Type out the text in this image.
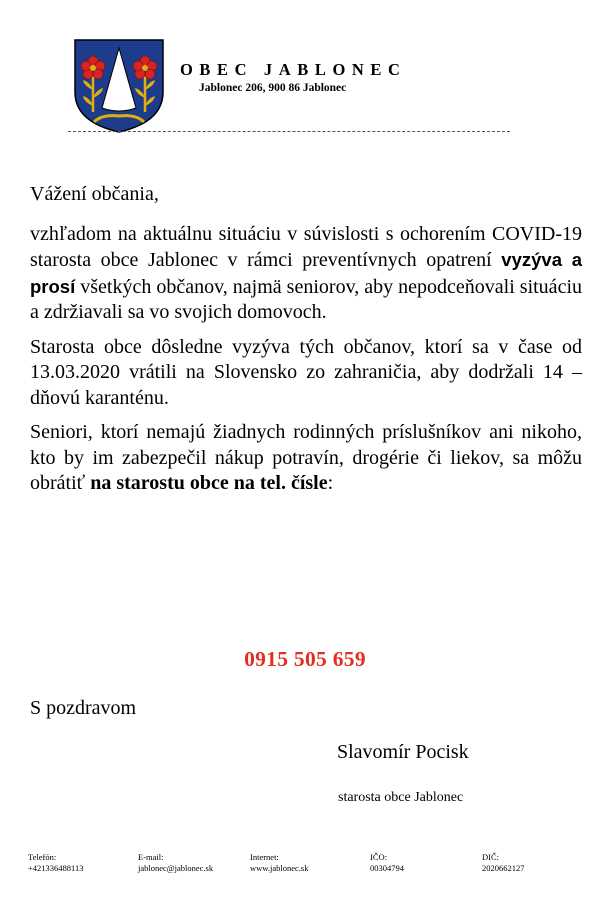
OBEC JABLONEC
Jablonec 206, 900 86 Jablonec

Vážení občania,

vzhľadom na aktuálnu situáciu v súvislosti s ochorením COVID-19 starosta obce Jablonec v rámci preventívnych opatrení vyzýva a prosí všetkých občanov, najmä seniorov, aby nepodceňovali situáciu a zdržiavali sa vo svojich domovoch.

Starosta obce dôsledne vyzýva tých občanov, ktorí sa v čase od 13.03.2020 vrátili na Slovensko zo zahraničia, aby dodržali 14 – dňovú karanténu.

Seniori, ktorí nemajú žiadnych rodinných príslušníkov ani nikoho, kto by im zabezpečil nákup potravín, drogérie či liekov, sa môžu obrátiť na starostu obce na tel. čísle:

0915 505 659
S pozdravom
Slavomír Pocisk
starosta obce Jablonec
Telefón:
+421336488113
E-mail:
jablonec@jablonec.sk
Internet:
www.jablonec.sk
IČO:
00304794
DIČ:
2020662127
